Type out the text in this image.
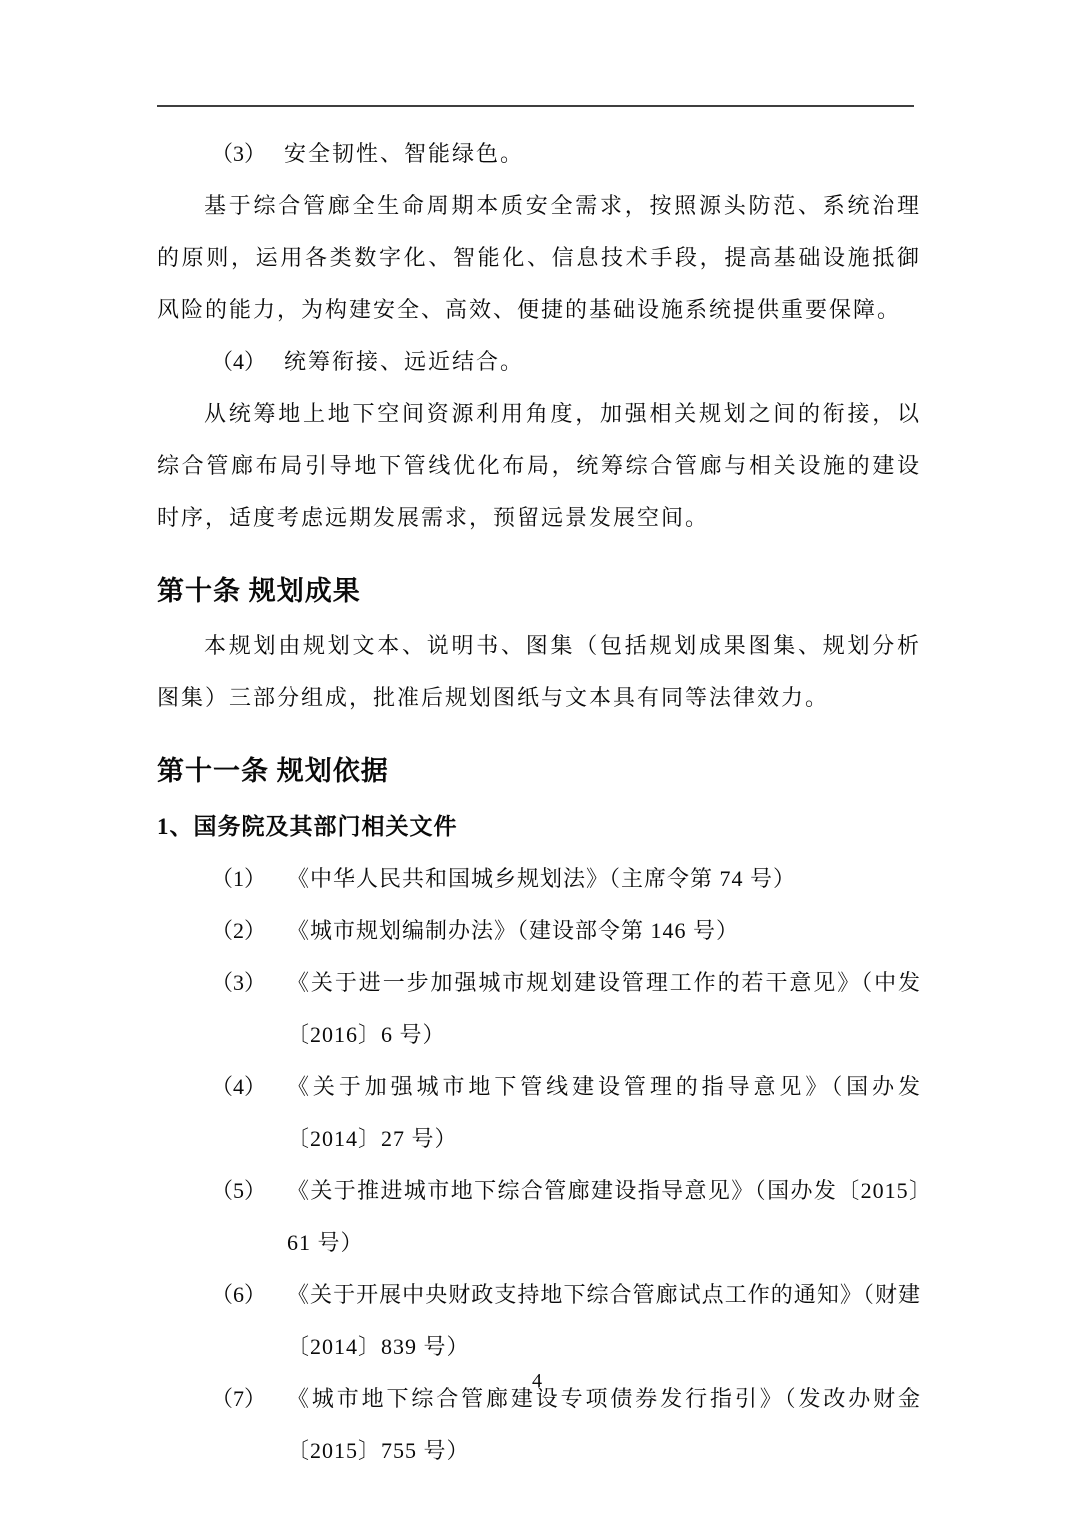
（3） 安全韧性、智能绿色。

基于综合管廊全生命周期本质安全需求，按照源头防范、系统治理的原则，运用各类数字化、智能化、信息技术手段，提高基础设施抵御风险的能力，为构建安全、高效、便捷的基础设施系统提供重要保障。

（4） 统筹衔接、远近结合。

从统筹地上地下空间资源利用角度，加强相关规划之间的衔接，以综合管廊布局引导地下管线优化布局，统筹综合管廊与相关设施的建设时序，适度考虑远期发展需求，预留远景发展空间。

第十条 规划成果

本规划由规划文本、说明书、图集（包括规划成果图集、规划分析图集）三部分组成，批准后规划图纸与文本具有同等法律效力。

第十一条 规划依据
1、国务院及其部门相关文件
（1） 《中华人民共和国城乡规划法》（主席令第 74 号）
（2） 《城市规划编制办法》（建设部令第 146 号）
（3） 《关于进一步加强城市规划建设管理工作的若干意见》（中发〔2016〕6 号）
（4） 《关于加强城市地下管线建设管理的指导意见》（国办发〔2014〕27 号）
（5） 《关于推进城市地下综合管廊建设指导意见》（国办发〔2015〕61 号）
（6） 《关于开展中央财政支持地下综合管廊试点工作的通知》（财建〔2014〕839 号）
（7） 《城市地下综合管廊建设专项债券发行指引》（发改办财金〔2015〕755 号）
4
